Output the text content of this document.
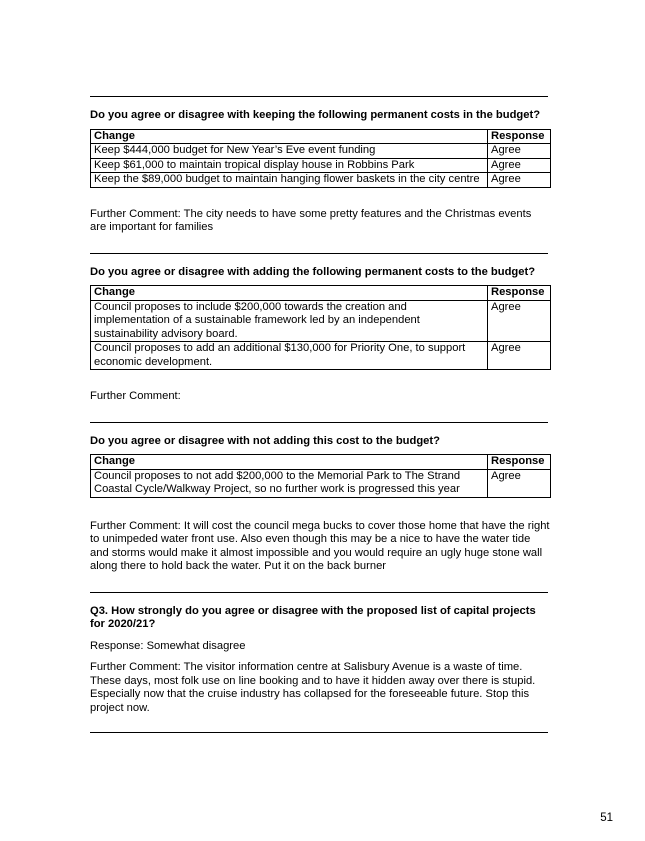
Do you agree or disagree with keeping the following permanent costs in the budget?

Change	Response
Keep $444,000 budget for New Year’s Eve event funding	Agree
Keep $61,000 to maintain tropical display house in Robbins Park	Agree
Keep the $89,000 budget to maintain hanging flower baskets in the city centre	Agree

Further Comment: The city needs to have some pretty features and the Christmas events are important for families

Do you agree or disagree with adding the following permanent costs to the budget?

Change	Response
Council proposes to include $200,000 towards the creation and implementation of a sustainable framework led by an independent sustainability advisory board.	Agree
Council proposes to add an additional $130,000 for Priority One, to support economic development.	Agree

Further Comment:

Do you agree or disagree with not adding this cost to the budget?

Change	Response
Council proposes to not add $200,000 to the Memorial Park to The Strand Coastal Cycle/Walkway Project, so no further work is progressed this year	Agree

Further Comment: It will cost the council mega bucks to cover those home that have the right to unimpeded water front use. Also even though this may be a nice to have the water tide and storms would make it almost impossible and you would require an ugly huge stone wall along there to hold back the water. Put it on the back burner

Q3. How strongly do you agree or disagree with the proposed list of capital projects for 2020/21?

Response: Somewhat disagree

Further Comment: The visitor information centre at Salisbury Avenue is a waste of time. These days, most folk use on line booking and to have it hidden away over there is stupid. Especially now that the cruise industry has collapsed for the foreseeable future. Stop this project now.

51
